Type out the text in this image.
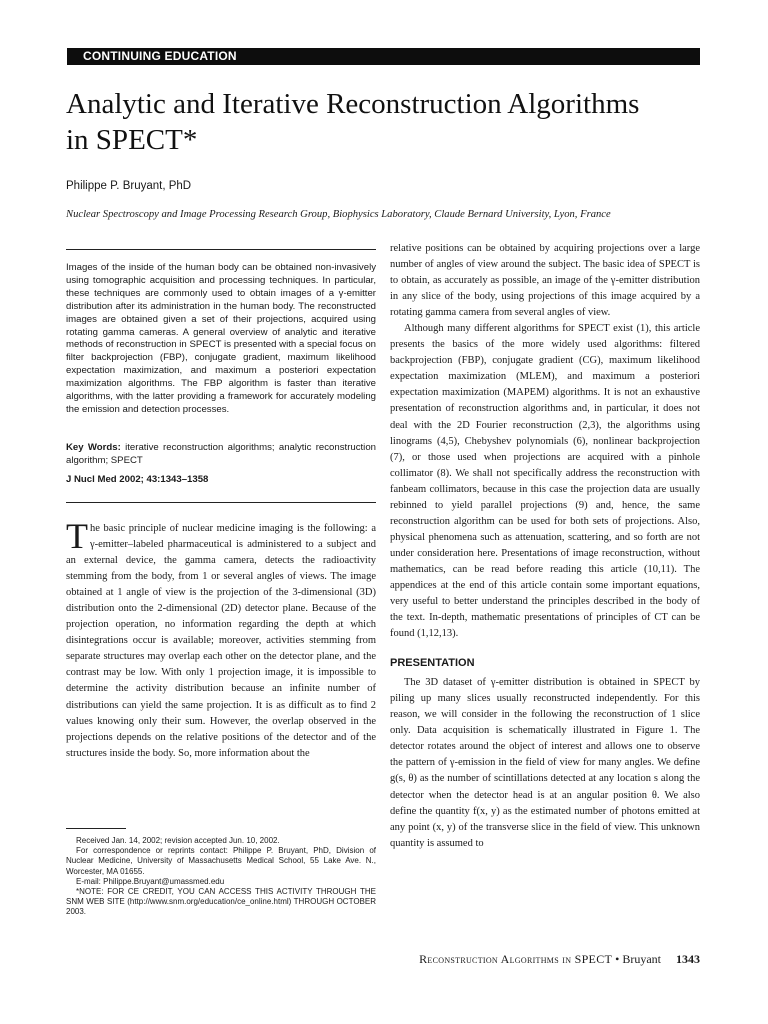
CONTINUING EDUCATION
Analytic and Iterative Reconstruction Algorithms
in SPECT*
Philippe P. Bruyant, PhD
Nuclear Spectroscopy and Image Processing Research Group, Biophysics Laboratory, Claude Bernard University, Lyon, France

Images of the inside of the human body can be obtained non-invasively using tomographic acquisition and processing techniques. In particular, these techniques are commonly used to obtain images of a γ-emitter distribution after its administration in the human body. The reconstructed images are obtained given a set of their projections, acquired using rotating gamma cameras. A general overview of analytic and iterative methods of reconstruction in SPECT is presented with a special focus on filter backprojection (FBP), conjugate gradient, maximum likelihood expectation maximization, and maximum a posteriori expectation maximization algorithms. The FBP algorithm is faster than iterative algorithms, with the latter providing a framework for accurately modeling the emission and detection processes.

Key Words: iterative reconstruction algorithms; analytic reconstruction algorithm; SPECT

J Nucl Med 2002; 43:1343–1358

The basic principle of nuclear medicine imaging is the following: a γ-emitter–labeled pharmaceutical is administered to a subject and an external device, the gamma camera, detects the radioactivity stemming from the body, from 1 or several angles of views. The image obtained at 1 angle of view is the projection of the 3-dimensional (3D) distribution onto the 2-dimensional (2D) detector plane. Because of the projection operation, no information regarding the depth at which disintegrations occur is available; moreover, activities stemming from separate structures may overlap each other on the detector plane, and the contrast may be low. With only 1 projection image, it is impossible to determine the activity distribution because an infinite number of distributions can yield the same projection. It is as difficult as to find 2 values knowing only their sum. However, the overlap observed in the projections depends on the relative positions of the detector and of the structures inside the body. So, more information about the

Received Jan. 14, 2002; revision accepted Jun. 10, 2002.

For correspondence or reprints contact: Philippe P. Bruyant, PhD, Division of Nuclear Medicine, University of Massachusetts Medical School, 55 Lake Ave. N., Worcester, MA 01655.

E-mail: Philippe.Bruyant@umassmed.edu

*NOTE: FOR CE CREDIT, YOU CAN ACCESS THIS ACTIVITY THROUGH THE SNM WEB SITE (http://www.snm.org/education/ce_online.html) THROUGH OCTOBER 2003.

relative positions can be obtained by acquiring projections over a large number of angles of view around the subject. The basic idea of SPECT is to obtain, as accurately as possible, an image of the γ-emitter distribution in any slice of the body, using projections of this image acquired by a rotating gamma camera from several angles of view.

Although many different algorithms for SPECT exist (1), this article presents the basics of the more widely used algorithms: filtered backprojection (FBP), conjugate gradient (CG), maximum likelihood expectation maximization (MLEM), and maximum a posteriori expectation maximization (MAPEM) algorithms. It is not an exhaustive presentation of reconstruction algorithms and, in particular, it does not deal with the 2D Fourier reconstruction (2,3), the algorithms using linograms (4,5), Chebyshev polynomials (6), nonlinear backprojection (7), or those used when projections are acquired with a pinhole collimator (8). We shall not specifically address the reconstruction with fanbeam collimators, because in this case the projection data are usually rebinned to yield parallel projections (9) and, hence, the same reconstruction algorithm can be used for both sets of projections. Also, physical phenomena such as attenuation, scattering, and so forth are not under consideration here. Presentations of image reconstruction, without mathematics, can be read before reading this article (10,11). The appendices at the end of this article contain some important equations, very useful to better understand the principles described in the body of the text. In-depth, mathematic presentations of principles of CT can be found (1,12,13).

PRESENTATION

The 3D dataset of γ-emitter distribution is obtained in SPECT by piling up many slices usually reconstructed independently. For this reason, we will consider in the following the reconstruction of 1 slice only. Data acquisition is schematically illustrated in Figure 1. The detector rotates around the object of interest and allows one to observe the pattern of γ-emission in the field of view for many angles. We define g(s, θ) as the number of scintillations detected at any location s along the detector when the detector head is at an angular position θ. We also define the quantity f(x, y) as the estimated number of photons emitted at any point (x, y) of the transverse slice in the field of view. This unknown quantity is assumed to

Reconstruction Algorithms in SPECT • Bruyant 1343
